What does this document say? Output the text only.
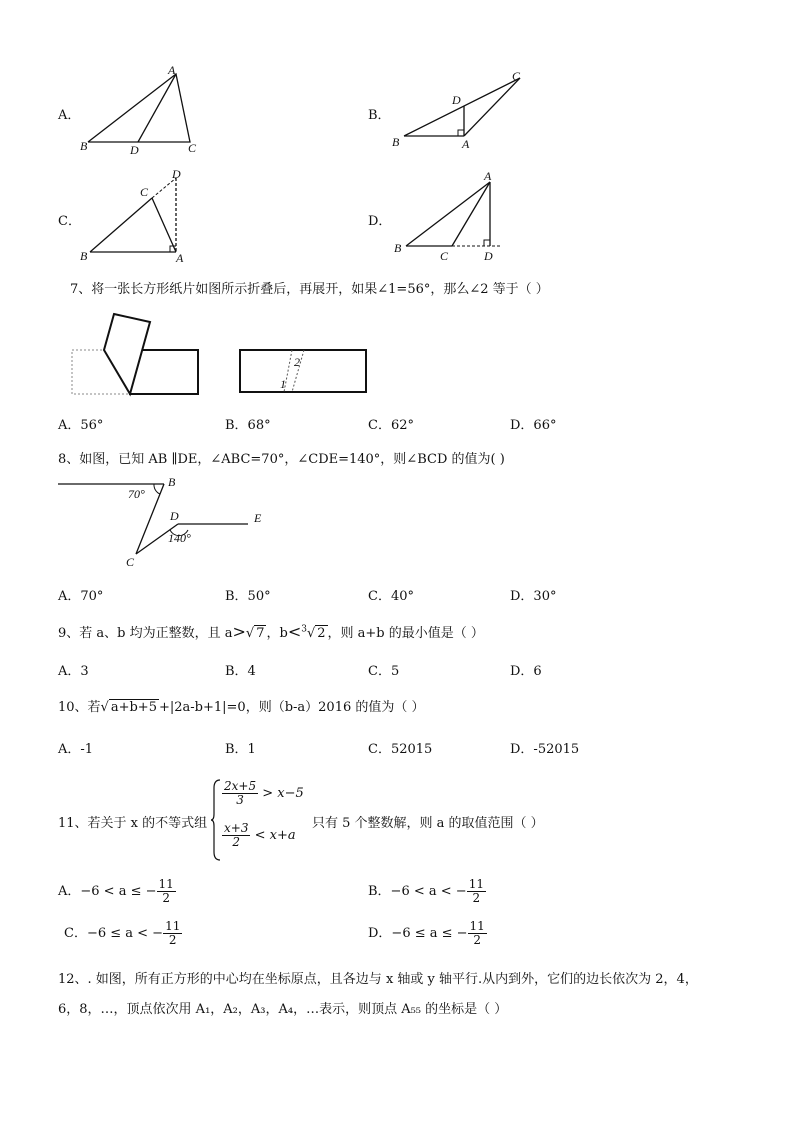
A．
A
B	D	C
B．
C
D
B	A
C．
C
D
B	A
D．
A
B
C	D
7、将一张长方形纸片如图所示折叠后，再展开，如果∠1=56°，那么∠2 等于（ ）
2
1
A．56°	B．68°	C．62°	D．66°
8、如图，已知 AB ∥DE，∠ABC=70°，∠CDE=140°，则∠BCD 的值为( )
B
70°
D	E
140°
C
A．70°	B．50°	C．40°	D．30°
9、若 a、b 均为正整数，且 a>√ 7 ，b<$^3$√ 2 ，则 a+b 的最小值是（ ）
A．3	B．4	C．5	D．6
10、若√ a+b+5 +|2a-b+1|=0，则（b-a）2016 的值为（ ）
A．-1	B．1	C．52015	D．-52015
11、若关于 x 的不等式组
$\frac{2x+5}{3} > x-5$
$\frac{x+3}{2} < x+a$
只有 5 个整数解，则 a 的取值范围（ ）
A．−6 < a ≤ − $\frac{11}{2}$	B．−6 < a < − $\frac{11}{2}$
C．−6 ≤ a < − $\frac{11}{2}$	D．−6 ≤ a ≤ − $\frac{11}{2}$
12、. 如图，所有正方形的中心均在坐标原点，且各边与 x 轴或 y 轴平行.从内到外，它们的边长依次为 2，4，
6，8，…，顶点依次用 A₁，A₂，A₃，A₄，…表示，则顶点 A₅₅ 的坐标是（ ）
